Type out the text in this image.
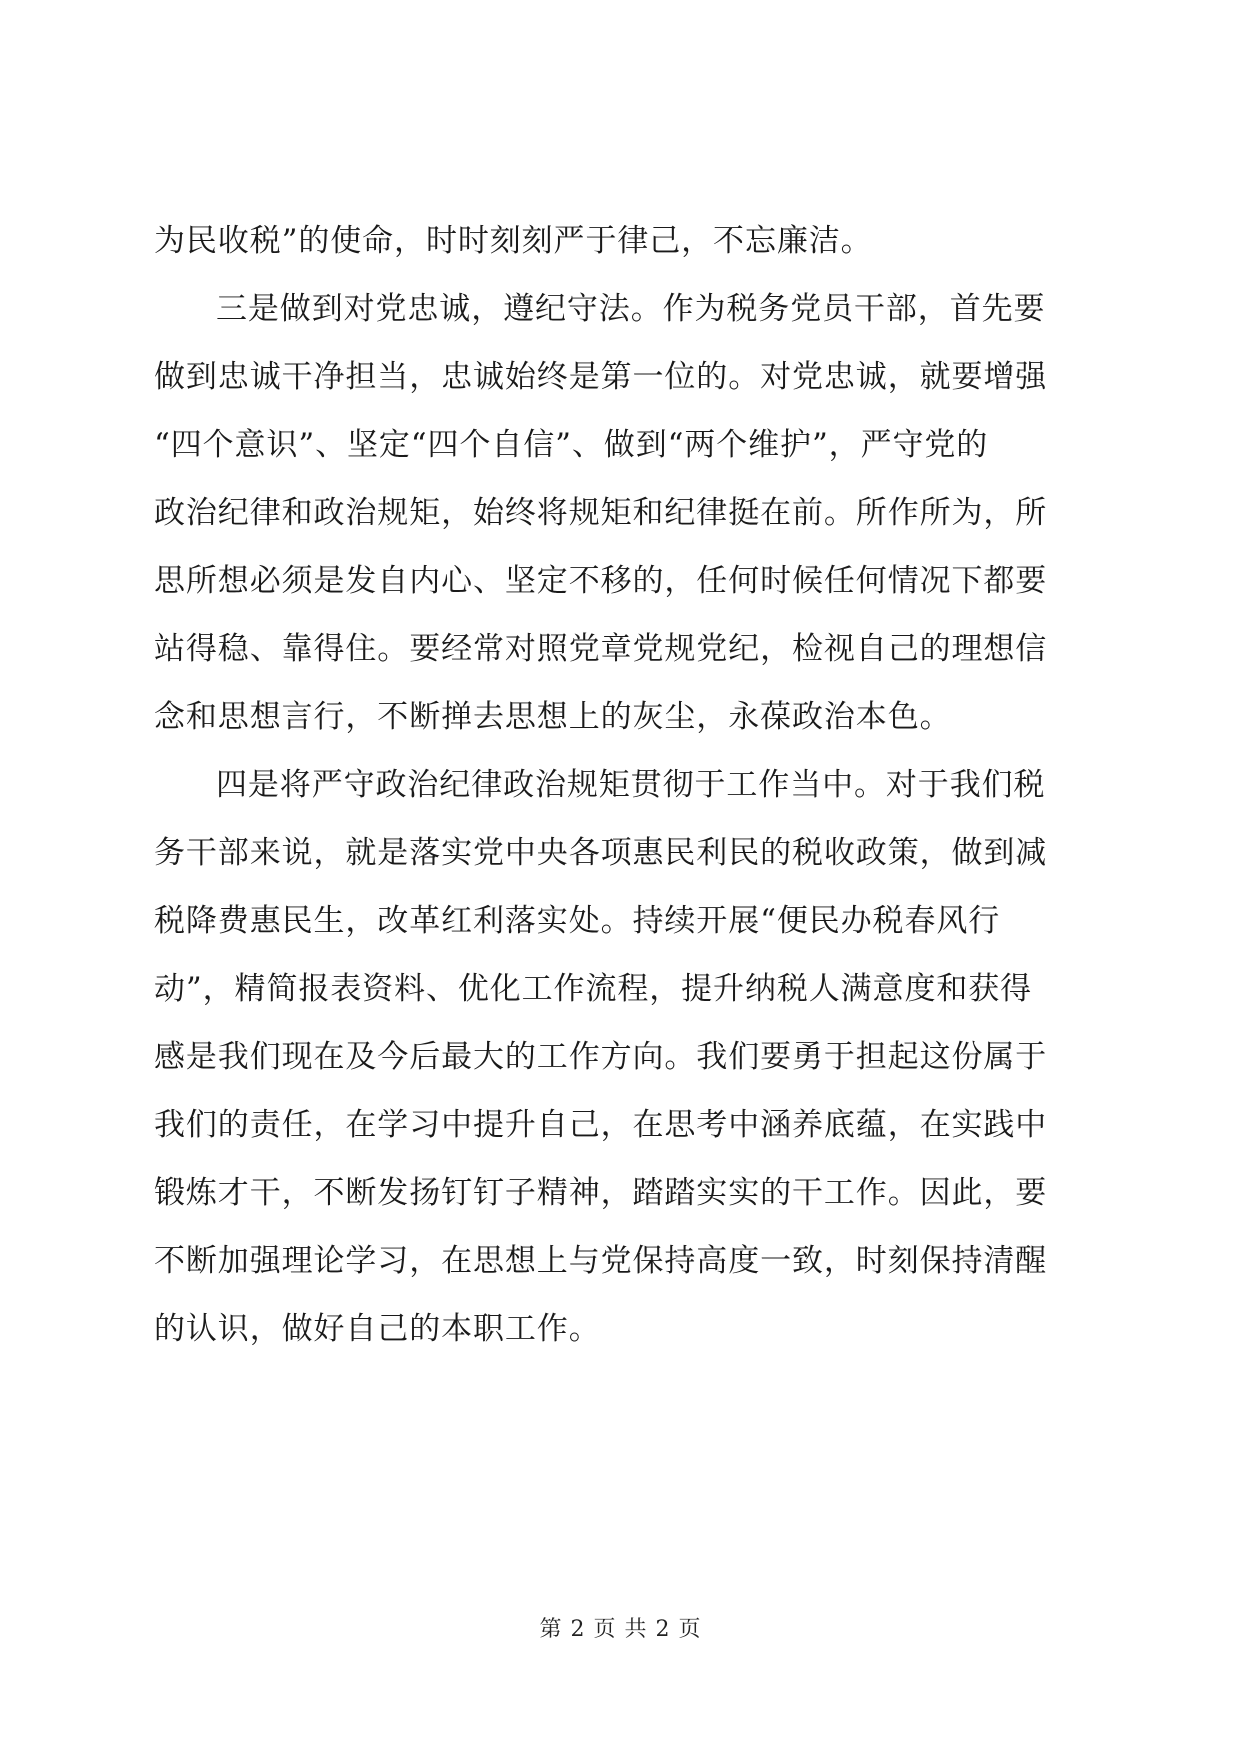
为民收税”的使命，时时刻刻严于律己，不忘廉洁。
三是做到对党忠诚，遵纪守法。作为税务党员干部，首先要
做到忠诚干净担当，忠诚始终是第一位的。对党忠诚，就要增强
“四个意识”、坚定“四个自信”、做到“两个维护”，严守党的
政治纪律和政治规矩，始终将规矩和纪律挺在前。所作所为，所
思所想必须是发自内心、坚定不移的，任何时候任何情况下都要
站得稳、靠得住。要经常对照党章党规党纪，检视自己的理想信
念和思想言行，不断掸去思想上的灰尘，永葆政治本色。
四是将严守政治纪律政治规矩贯彻于工作当中。对于我们税
务干部来说，就是落实党中央各项惠民利民的税收政策，做到减
税降费惠民生，改革红利落实处。持续开展“便民办税春风行
动”，精简报表资料、优化工作流程，提升纳税人满意度和获得
感是我们现在及今后最大的工作方向。我们要勇于担起这份属于
我们的责任，在学习中提升自己，在思考中涵养底蕴，在实践中
锻炼才干，不断发扬钉钉子精神，踏踏实实的干工作。因此，要
不断加强理论学习，在思想上与党保持高度一致，时刻保持清醒
的认识，做好自己的本职工作。
第 2 页 共 2 页
